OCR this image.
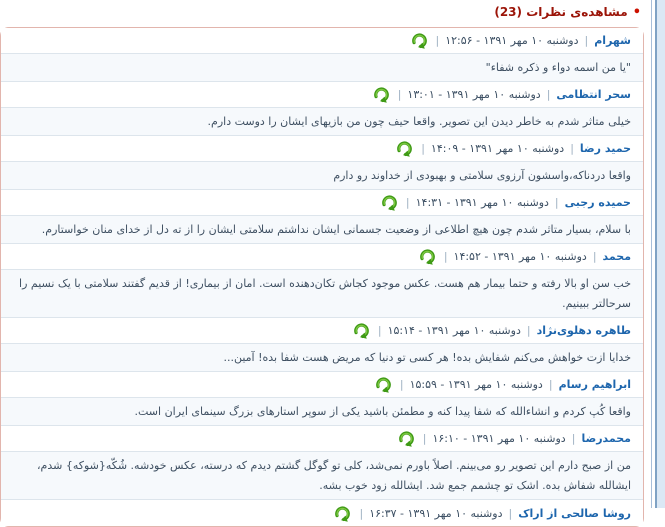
•
مشاهده‌ی نظرات (23)
شهرام
|
دوشنبه ۱۰ مهر ۱۳۹۱ - ۱۲:۵۶
|
"یا من اسمه دواء و ذکره شفاء"
سحر انتظامی
|
دوشنبه ۱۰ مهر ۱۳۹۱ - ۱۳:۰۱
|
خیلی متاثر شدم به خاطر دیدن این تصویر. واقعا حیف چون من بازیهای ایشان را دوست دارم.
حمید رضا
|
دوشنبه ۱۰ مهر ۱۳۹۱ - ۱۴:۰۹
|
واقعا دردناکه،واسشون آرزوی سلامتی و بهبودی از خداوند رو دارم
حمیده رجبی
|
دوشنبه ۱۰ مهر ۱۳۹۱ - ۱۴:۳۱
|
با سلام، بسیار متاثر شدم چون هیچ اطلاعی از وضعیت جسمانی ایشان نداشتم سلامتی ایشان را از ته دل از خدای منان خواستارم.
محمد
|
دوشنبه ۱۰ مهر ۱۳۹۱ - ۱۴:۵۲
|
خب سن او بالا رفته و حتما بیمار هم هست. عکس موجود کجاش تکان‌دهنده است. امان از بیماری! از قدیم گفتند سلامتی با یک نسیم را سرحالتر ببینیم.
طاهره دهلوی‌نژاد
|
دوشنبه ۱۰ مهر ۱۳۹۱ - ۱۵:۱۴
|
خدایا ازت خواهش می‌کنم شفایش بده! هر کسی تو دنیا که مریض هست شفا بده! آمین...
ابراهیم رسام
|
دوشنبه ۱۰ مهر ۱۳۹۱ - ۱۵:۵۹
|
واقعا کُپ کردم و انشاءالله که شفا پیدا کنه و مطمئن باشید یکی از سوپر استارهای بزرگ سینمای ایران است.
محمدرضا
|
دوشنبه ۱۰ مهر ۱۳۹۱ - ۱۶:۱۰
|
من از صبح دارم این تصویر رو می‌بینم. اصلاً باورم نمی‌شد، کلی تو گوگل گشتم دیدم که درسته، عکس خودشه. شُکّه{شوکه} شدم، ایشالله شفاش بده. اشک تو چشمم جمع شد. ایشالله زود خوب بشه.
روشا صالحی از اراک
|
دوشنبه ۱۰ مهر ۱۳۹۱ - ۱۶:۳۷
|
